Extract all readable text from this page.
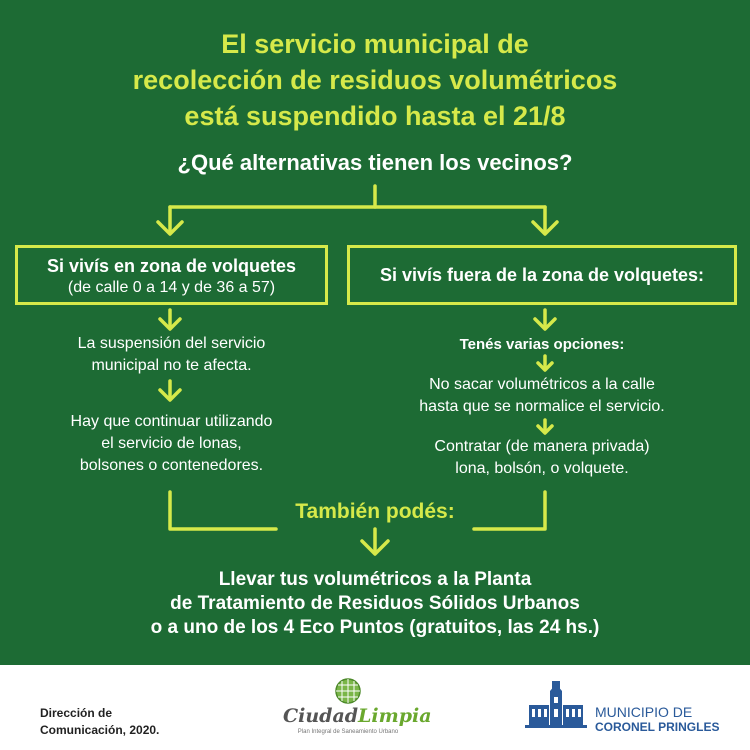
El servicio municipal de
recolección de residuos volumétricos
está suspendido hasta el 21/8
¿Qué alternativas tienen los vecinos?
Si vivís en zona de volquetes
(de calle 0 a 14 y de 36 a 57)
Si vivís fuera de la zona de volquetes:
La suspensión del servicio
municipal no te afecta.
Hay que continuar utilizando
el servicio de lonas,
bolsones o contenedores.
Tenés varias opciones:
No sacar volumétricos a la calle
hasta que se normalice el servicio.
Contratar (de manera privada)
lona, bolsón, o volquete.
También podés:
Llevar tus volumétricos a la Planta
de Tratamiento de Residuos Sólidos Urbanos
o a uno de los 4 Eco Puntos (gratuitos, las 24 hs.)
Dirección de
Comunicación, 2020.
CiudadLimpia
Plan Integral de Saneamiento Urbano
MUNICIPIO DE
CORONEL PRINGLES
